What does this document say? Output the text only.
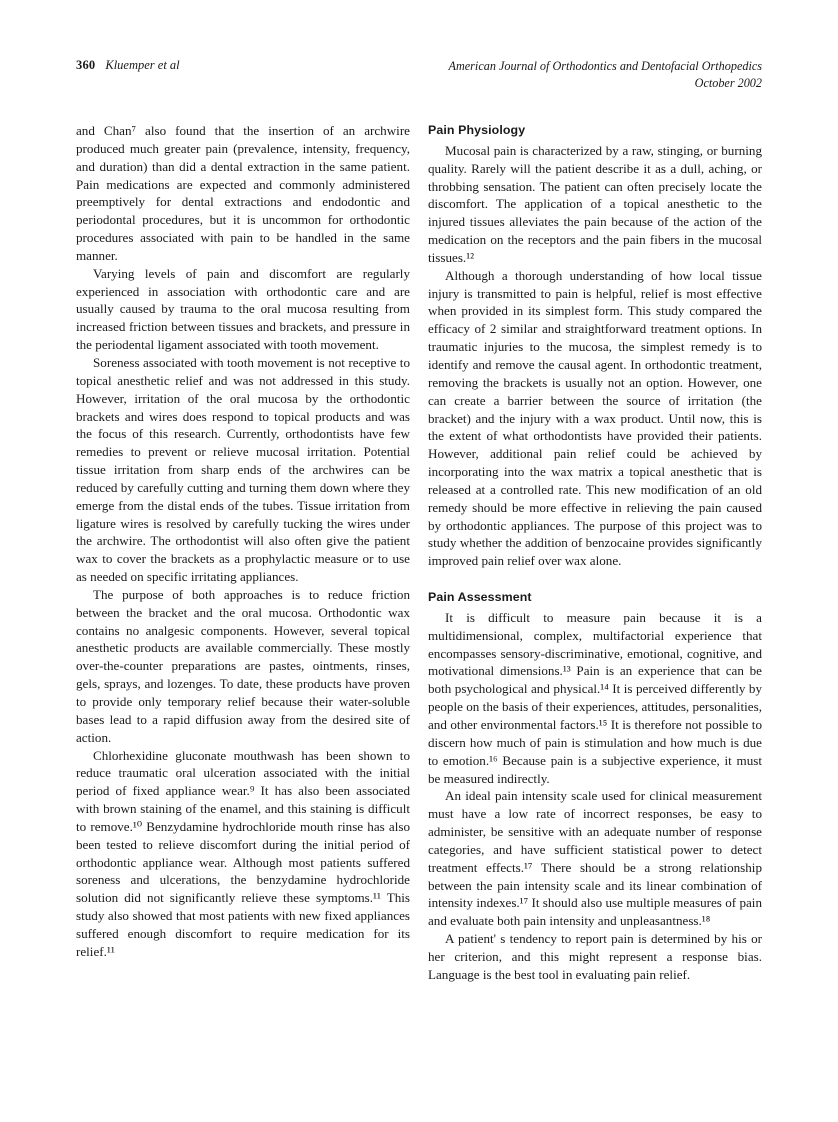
360 Kluemper et al	American Journal of Orthodontics and Dentofacial Orthopedics
October 2002

and Chan⁷ also found that the insertion of an archwire produced much greater pain (prevalence, intensity, frequency, and duration) than did a dental extraction in the same patient. Pain medications are expected and commonly administered preemptively for dental extractions and endodontic and periodontal procedures, but it is uncommon for orthodontic procedures associated with pain to be handled in the same manner.

Varying levels of pain and discomfort are regularly experienced in association with orthodontic care and are usually caused by trauma to the oral mucosa resulting from increased friction between tissues and brackets, and pressure in the periodental ligament associated with tooth movement.

Soreness associated with tooth movement is not receptive to topical anesthetic relief and was not addressed in this study. However, irritation of the oral mucosa by the orthodontic brackets and wires does respond to topical products and was the focus of this research. Currently, orthodontists have few remedies to prevent or relieve mucosal irritation. Potential tissue irritation from sharp ends of the archwires can be reduced by carefully cutting and turning them down where they emerge from the distal ends of the tubes. Tissue irritation from ligature wires is resolved by carefully tucking the wires under the archwire. The orthodontist will also often give the patient wax to cover the brackets as a prophylactic measure or to use as needed on specific irritating appliances.

The purpose of both approaches is to reduce friction between the bracket and the oral mucosa. Orthodontic wax contains no analgesic components. However, several topical anesthetic products are available commercially. These mostly over-the-counter preparations are pastes, ointments, rinses, gels, sprays, and lozenges. To date, these products have proven to provide only temporary relief because their water-soluble bases lead to a rapid diffusion away from the desired site of action.

Chlorhexidine gluconate mouthwash has been shown to reduce traumatic oral ulceration associated with the initial period of fixed appliance wear.⁹ It has also been associated with brown staining of the enamel, and this staining is difficult to remove.¹⁰ Benzydamine hydrochloride mouth rinse has also been tested to relieve discomfort during the initial period of orthodontic appliance wear. Although most patients suffered soreness and ulcerations, the benzydamine hydrochloride solution did not significantly relieve these symptoms.¹¹ This study also showed that most patients with new fixed appliances suffered enough discomfort to require medication for its relief.¹¹

Pain Physiology

Mucosal pain is characterized by a raw, stinging, or burning quality. Rarely will the patient describe it as a dull, aching, or throbbing sensation. The patient can often precisely locate the discomfort. The application of a topical anesthetic to the injured tissues alleviates the pain because of the action of the medication on the receptors and the pain fibers in the mucosal tissues.¹²

Although a thorough understanding of how local tissue injury is transmitted to pain is helpful, relief is most effective when provided in its simplest form. This study compared the efficacy of 2 similar and straightforward treatment options. In traumatic injuries to the mucosa, the simplest remedy is to identify and remove the causal agent. In orthodontic treatment, removing the brackets is usually not an option. However, one can create a barrier between the source of irritation (the bracket) and the injury with a wax product. Until now, this is the extent of what orthodontists have provided their patients. However, additional pain relief could be achieved by incorporating into the wax matrix a topical anesthetic that is released at a controlled rate. This new modification of an old remedy should be more effective in relieving the pain caused by orthodontic appliances. The purpose of this project was to study whether the addition of benzocaine provides significantly improved pain relief over wax alone.

Pain Assessment

It is difficult to measure pain because it is a multidimensional, complex, multifactorial experience that encompasses sensory-discriminative, emotional, cognitive, and motivational dimensions.¹³ Pain is an experience that can be both psychological and physical.¹⁴ It is perceived differently by people on the basis of their experiences, attitudes, personalities, and other environmental factors.¹⁵ It is therefore not possible to discern how much of pain is stimulation and how much is due to emotion.¹⁶ Because pain is a subjective experience, it must be measured indirectly.

An ideal pain intensity scale used for clinical measurement must have a low rate of incorrect responses, be easy to administer, be sensitive with an adequate number of response categories, and have sufficient statistical power to detect treatment effects.¹⁷ There should be a strong relationship between the pain intensity scale and its linear combination of intensity indexes.¹⁷ It should also use multiple measures of pain and evaluate both pain intensity and unpleasantness.¹⁸

A patient' s tendency to report pain is determined by his or her criterion, and this might represent a response bias. Language is the best tool in evaluating pain relief.
